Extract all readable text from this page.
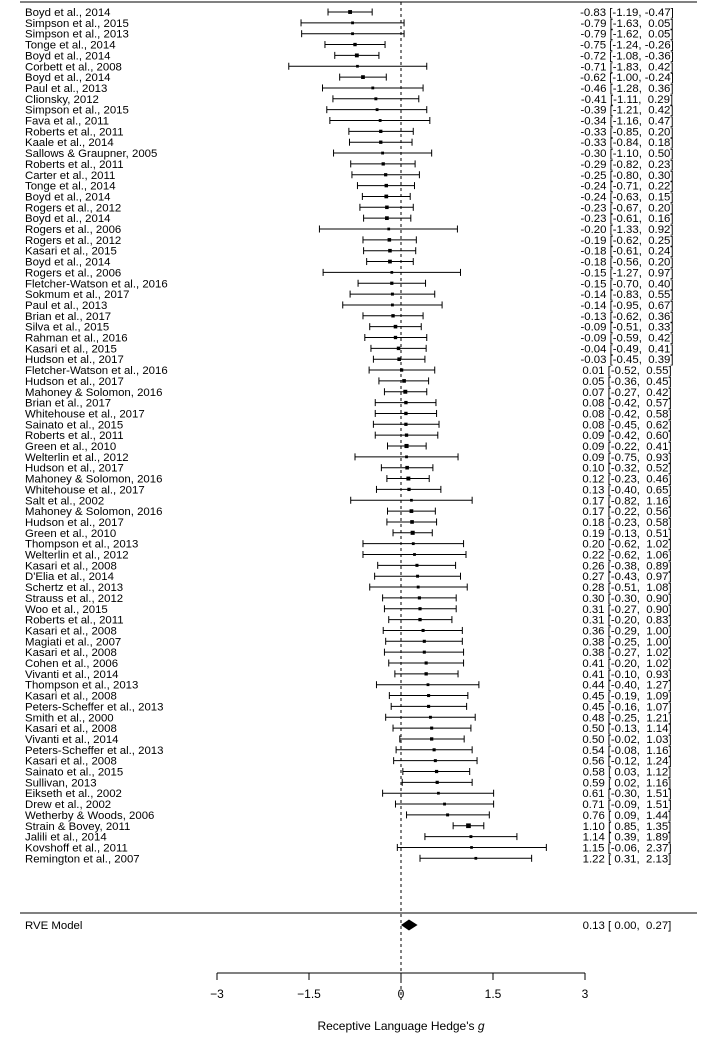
Boyd et al., 2014	-0.83 [-1.19, -0.47]
Simpson et al., 2015	-0.79 [-1.63,  0.05]
Simpson et al., 2013	-0.79 [-1.62,  0.05]
Tonge et al., 2014	-0.75 [-1.24, -0.26]
Boyd et al., 2014	-0.72 [-1.08, -0.36]
Corbett et al., 2008	-0.71 [-1.83,  0.42]
Boyd et al., 2014	-0.62 [-1.00, -0.24]
Paul et al., 2013	-0.46 [-1.28,  0.36]
Clionsky, 2012	-0.41 [-1.11,  0.29]
Simpson et al., 2015	-0.39 [-1.21,  0.42]
Fava et al., 2011	-0.34 [-1.16,  0.47]
Roberts et al., 2011	-0.33 [-0.85,  0.20]
Kaale et al., 2014	-0.33 [-0.84,  0.18]
Sallows & Graupner, 2005	-0.30 [-1.10,  0.50]
Roberts et al., 2011	-0.29 [-0.82,  0.23]
Carter et al., 2011	-0.25 [-0.80,  0.30]
Tonge et al., 2014	-0.24 [-0.71,  0.22]
Boyd et al., 2014	-0.24 [-0.63,  0.15]
Rogers et al., 2012	-0.23 [-0.67,  0.20]
Boyd et al., 2014	-0.23 [-0.61,  0.16]
Rogers et al., 2006	-0.20 [-1.33,  0.92]
Rogers et al., 2012	-0.19 [-0.62,  0.25]
Kasari et al., 2015	-0.18 [-0.61,  0.24]
Boyd et al., 2014	-0.18 [-0.56,  0.20]
Rogers et al., 2006	-0.15 [-1.27,  0.97]
Fletcher-Watson et al., 2016	-0.15 [-0.70,  0.40]
Sokmum et al., 2017	-0.14 [-0.83,  0.55]
Paul et al., 2013	-0.14 [-0.95,  0.67]
Brian et al., 2017	-0.13 [-0.62,  0.36]
Silva et al., 2015	-0.09 [-0.51,  0.33]
Rahman et al., 2016	-0.09 [-0.59,  0.42]
Kasari et al., 2015	-0.04 [-0.49,  0.41]
Hudson et al., 2017	-0.03 [-0.45,  0.39]
Fletcher-Watson et al., 2016	0.01 [-0.52,  0.55]
Hudson et al., 2017	0.05 [-0.36,  0.45]
Mahoney & Solomon, 2016	0.07 [-0.27,  0.42]
Brian et al., 2017	0.08 [-0.42,  0.57]
Whitehouse et al., 2017	0.08 [-0.42,  0.58]
Sainato et al., 2015	0.08 [-0.45,  0.62]
Roberts et al., 2011	0.09 [-0.42,  0.60]
Green et al., 2010	0.09 [-0.22,  0.41]
Welterlin et al., 2012	0.09 [-0.75,  0.93]
Hudson et al., 2017	0.10 [-0.32,  0.52]
Mahoney & Solomon, 2016	0.12 [-0.23,  0.46]
Whitehouse et al., 2017	0.13 [-0.40,  0.65]
Salt et al., 2002	0.17 [-0.82,  1.16]
Mahoney & Solomon, 2016	0.17 [-0.22,  0.56]
Hudson et al., 2017	0.18 [-0.23,  0.58]
Green et al., 2010	0.19 [-0.13,  0.51]
Thompson et al., 2013	0.20 [-0.62,  1.02]
Welterlin et al., 2012	0.22 [-0.62,  1.06]
Kasari et al., 2008	0.26 [-0.38,  0.89]
D'Elia et al., 2014	0.27 [-0.43,  0.97]
Schertz et al., 2013	0.28 [-0.51,  1.08]
Strauss et al., 2012	0.30 [-0.30,  0.90]
Woo et al., 2015	0.31 [-0.27,  0.90]
Roberts et al., 2011	0.31 [-0.20,  0.83]
Kasari et al., 2008	0.36 [-0.29,  1.00]
Magiati et al., 2007	0.38 [-0.25,  1.00]
Kasari et al., 2008	0.38 [-0.27,  1.02]
Cohen et al., 2006	0.41 [-0.20,  1.02]
Vivanti et al., 2014	0.41 [-0.10,  0.93]
Thompson et al., 2013	0.44 [-0.40,  1.27]
Kasari et al., 2008	0.45 [-0.19,  1.09]
Peters-Scheffer et al., 2013	0.45 [-0.16,  1.07]
Smith et al., 2000	0.48 [-0.25,  1.21]
Kasari et al., 2008	0.50 [-0.13,  1.14]
Vivanti et al., 2014	0.50 [-0.02,  1.03]
Peters-Scheffer et al., 2013	0.54 [-0.08,  1.16]
Kasari et al., 2008	0.56 [-0.12,  1.24]
Sainato et al., 2015	0.58 [ 0.03,  1.12]
Sullivan, 2013	0.59 [ 0.02,  1.16]
Eikseth et al., 2002	0.61 [-0.30,  1.51]
Drew et al., 2002	0.71 [-0.09,  1.51]
Wetherby & Woods, 2006	0.76 [ 0.09,  1.44]
Strain & Bovey, 2011	1.10 [ 0.85,  1.35]
Jalili et al., 2014	1.14 [ 0.39,  1.89]
Kovshoff et al., 2011	1.15 [-0.06,  2.37]
Remington et al., 2007	1.22 [ 0.31,  2.13]
RVE Model	0.13 [ 0.00,  0.27]
−3	−1.5	0	1.5	3
Receptive Language Hedge's g
